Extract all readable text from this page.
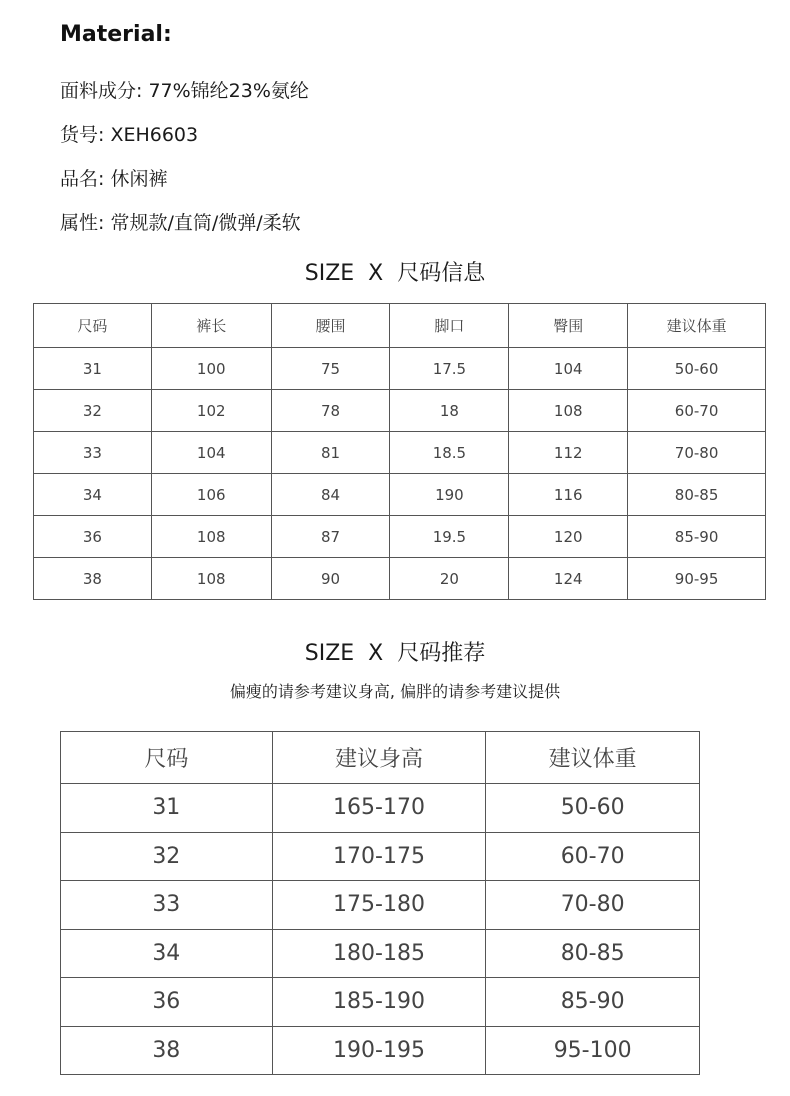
Material:
面料成分: 77%锦纶23%氨纶
货号: XEH6603
品名: 休闲裤
属性: 常规款/直筒/微弹/柔软
SIZE  X  尺码信息
尺码	裤长	腰围	脚口	臀围	建议体重
31	100	75	17.5	104	50-60
32	102	78	18	108	60-70
33	104	81	18.5	112	70-80
34	106	84	190	116	80-85
36	108	87	19.5	120	85-90
38	108	90	20	124	90-95
SIZE  X  尺码推荐
偏瘦的请参考建议身高, 偏胖的请参考建议提供
尺码	建议身高	建议体重
31	165-170	50-60
32	170-175	60-70
33	175-180	70-80
34	180-185	80-85
36	185-190	85-90
38	190-195	95-100
